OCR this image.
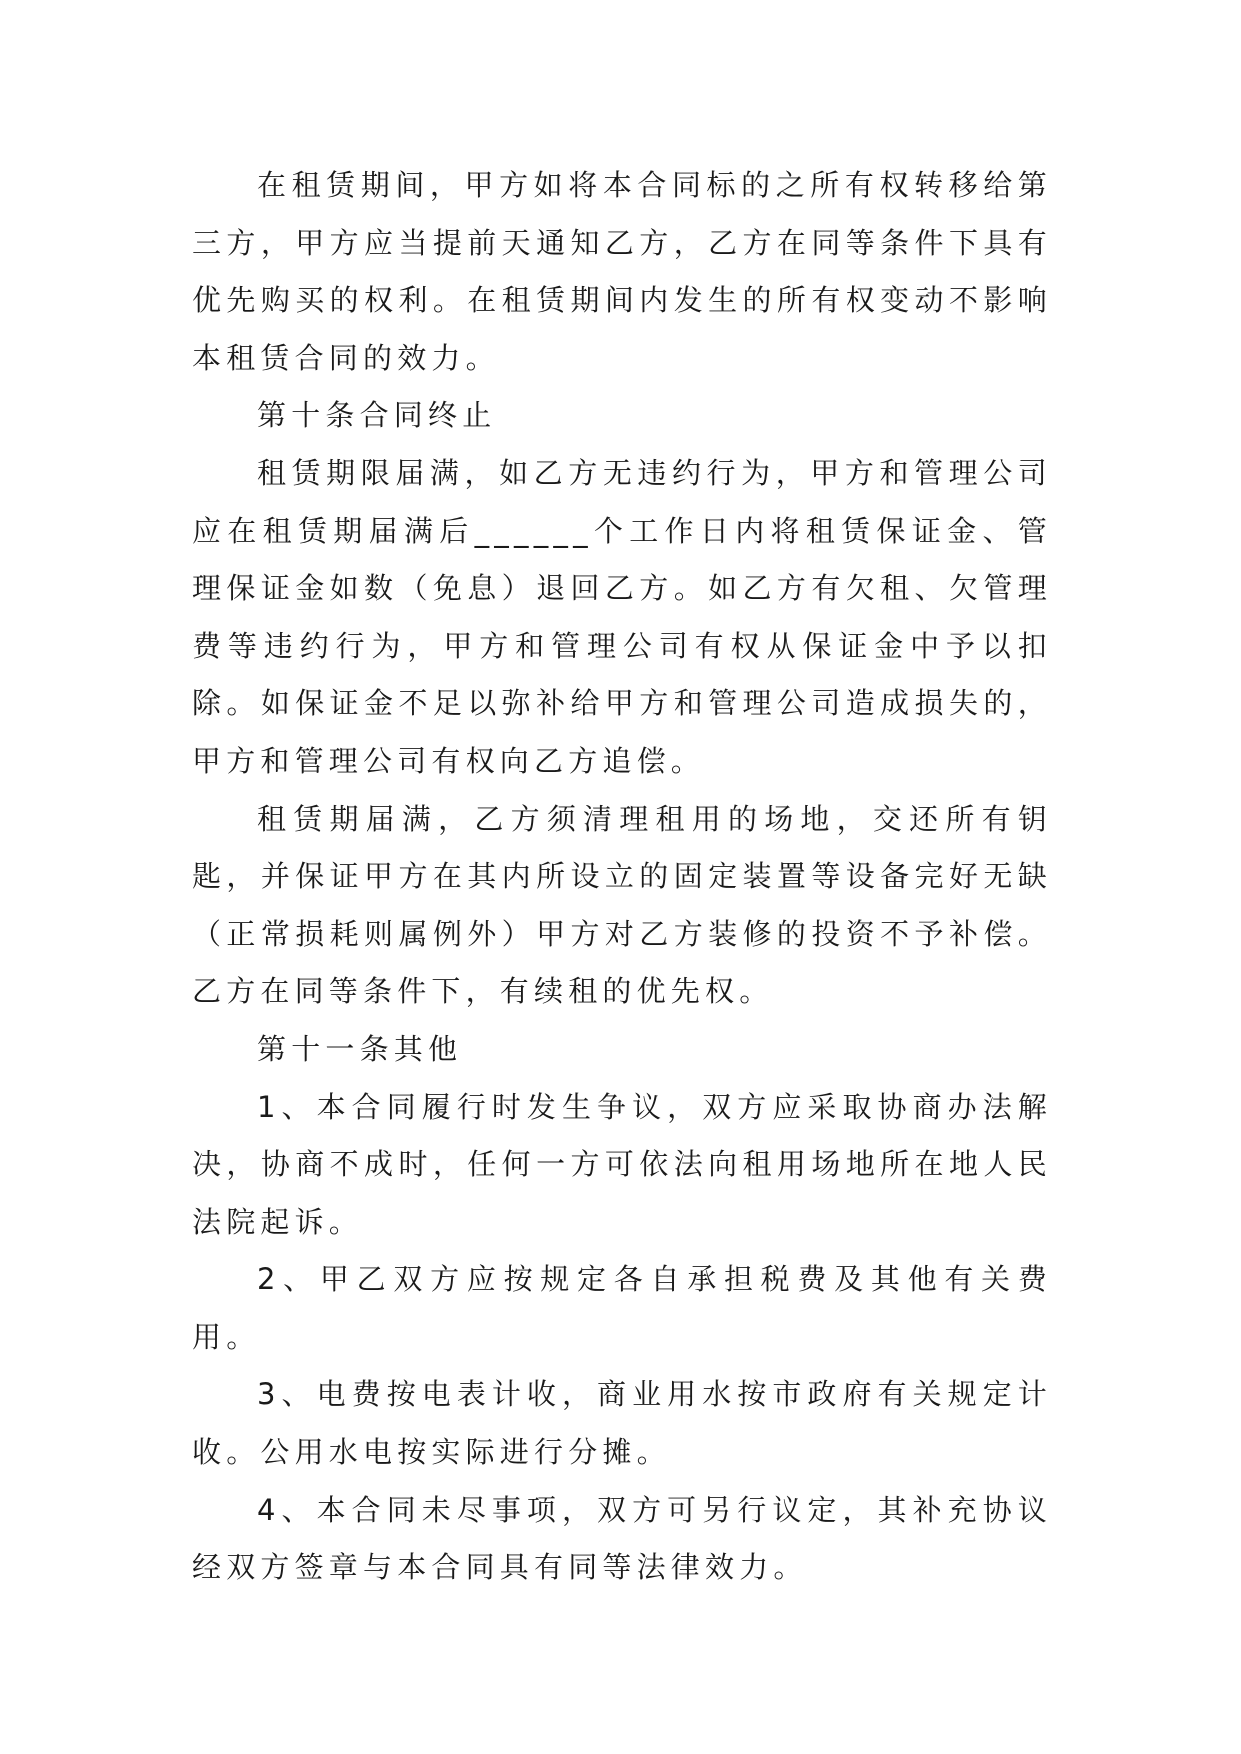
在租赁期间，甲方如将本合同标的之所有权转移给第三方，甲方应当提前天通知乙方，乙方在同等条件下具有优先购买的权利。在租赁期间内发生的所有权变动不影响本租赁合同的效力。

第十条合同终止

租赁期限届满，如乙方无违约行为，甲方和管理公司应在租赁期届满后______个工作日内将租赁保证金、管理保证金如数（免息）退回乙方。如乙方有欠租、欠管理费等违约行为，甲方和管理公司有权从保证金中予以扣除。如保证金不足以弥补给甲方和管理公司造成损失的，甲方和管理公司有权向乙方追偿。

租赁期届满，乙方须清理租用的场地，交还所有钥匙，并保证甲方在其内所设立的固定装置等设备完好无缺（正常损耗则属例外）甲方对乙方装修的投资不予补偿。乙方在同等条件下，有续租的优先权。

第十一条其他

1、本合同履行时发生争议，双方应采取协商办法解决，协商不成时，任何一方可依法向租用场地所在地人民法院起诉。

2、甲乙双方应按规定各自承担税费及其他有关费用。

3、电费按电表计收，商业用水按市政府有关规定计收。公用水电按实际进行分摊。

4、本合同未尽事项，双方可另行议定，其补充协议经双方签章与本合同具有同等法律效力。
